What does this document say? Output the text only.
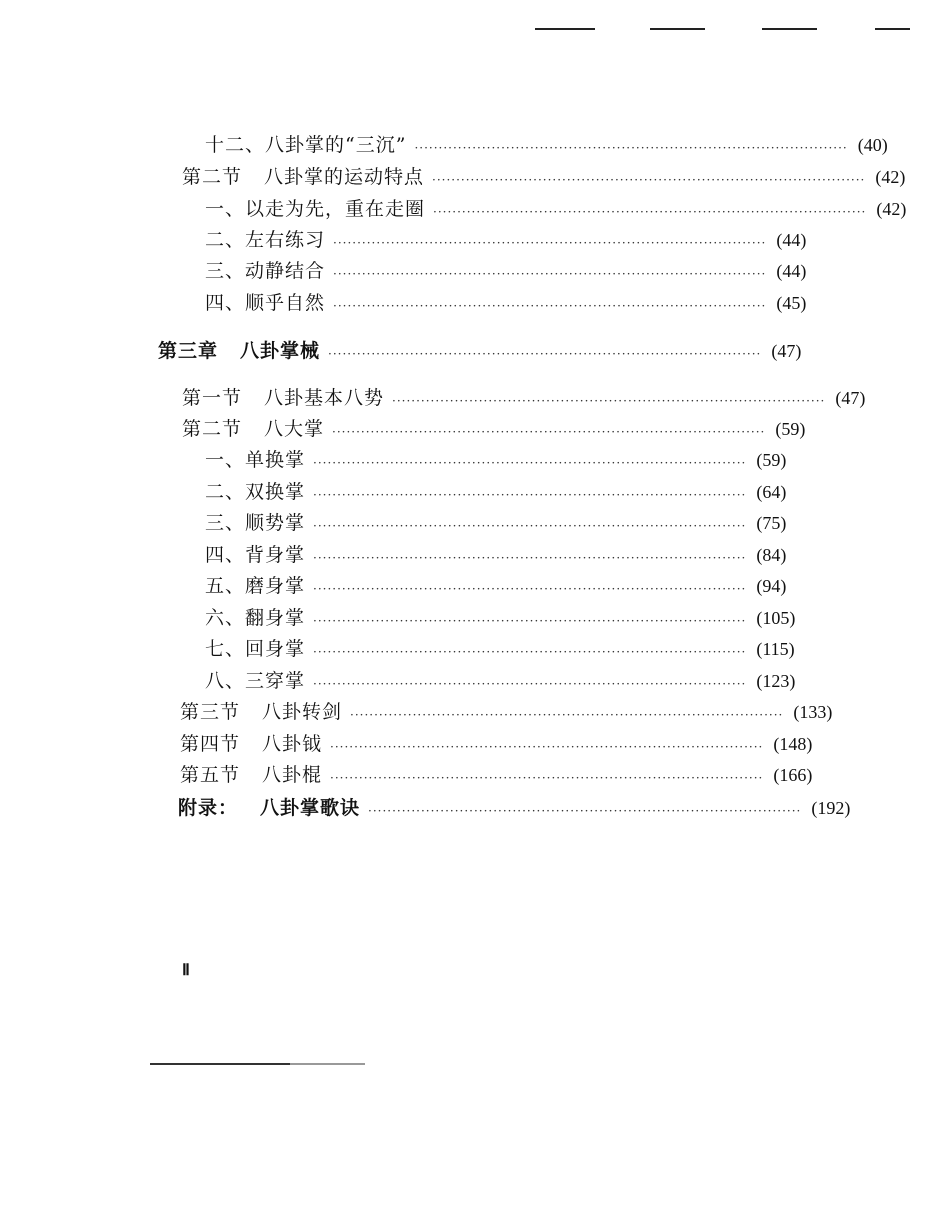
十二、八卦掌的“三沉” ·························································································· (40)
第二节 八卦掌的运动特点 ·························································································· (42)
一、以走为先，重在走圈 ·························································································· (42)
二、左右练习 ·························································································· (44)
三、动静结合 ·························································································· (44)
四、顺乎自然 ·························································································· (45)
第三章 八卦掌械 ·························································································· (47)
第一节 八卦基本八势 ·························································································· (47)
第二节 八大掌 ·························································································· (59)
一、单换掌 ·························································································· (59)
二、双换掌 ·························································································· (64)
三、顺势掌 ·························································································· (75)
四、背身掌 ·························································································· (84)
五、磨身掌 ·························································································· (94)
六、翻身掌 ·························································································· (105)
七、回身掌 ·························································································· (115)
八、三穿掌 ·························································································· (123)
第三节 八卦转剑 ·························································································· (133)
第四节 八卦钺 ·························································································· (148)
第五节 八卦棍 ·························································································· (166)
附录： 八卦掌歌诀 ·························································································· (192)
Ⅱ
